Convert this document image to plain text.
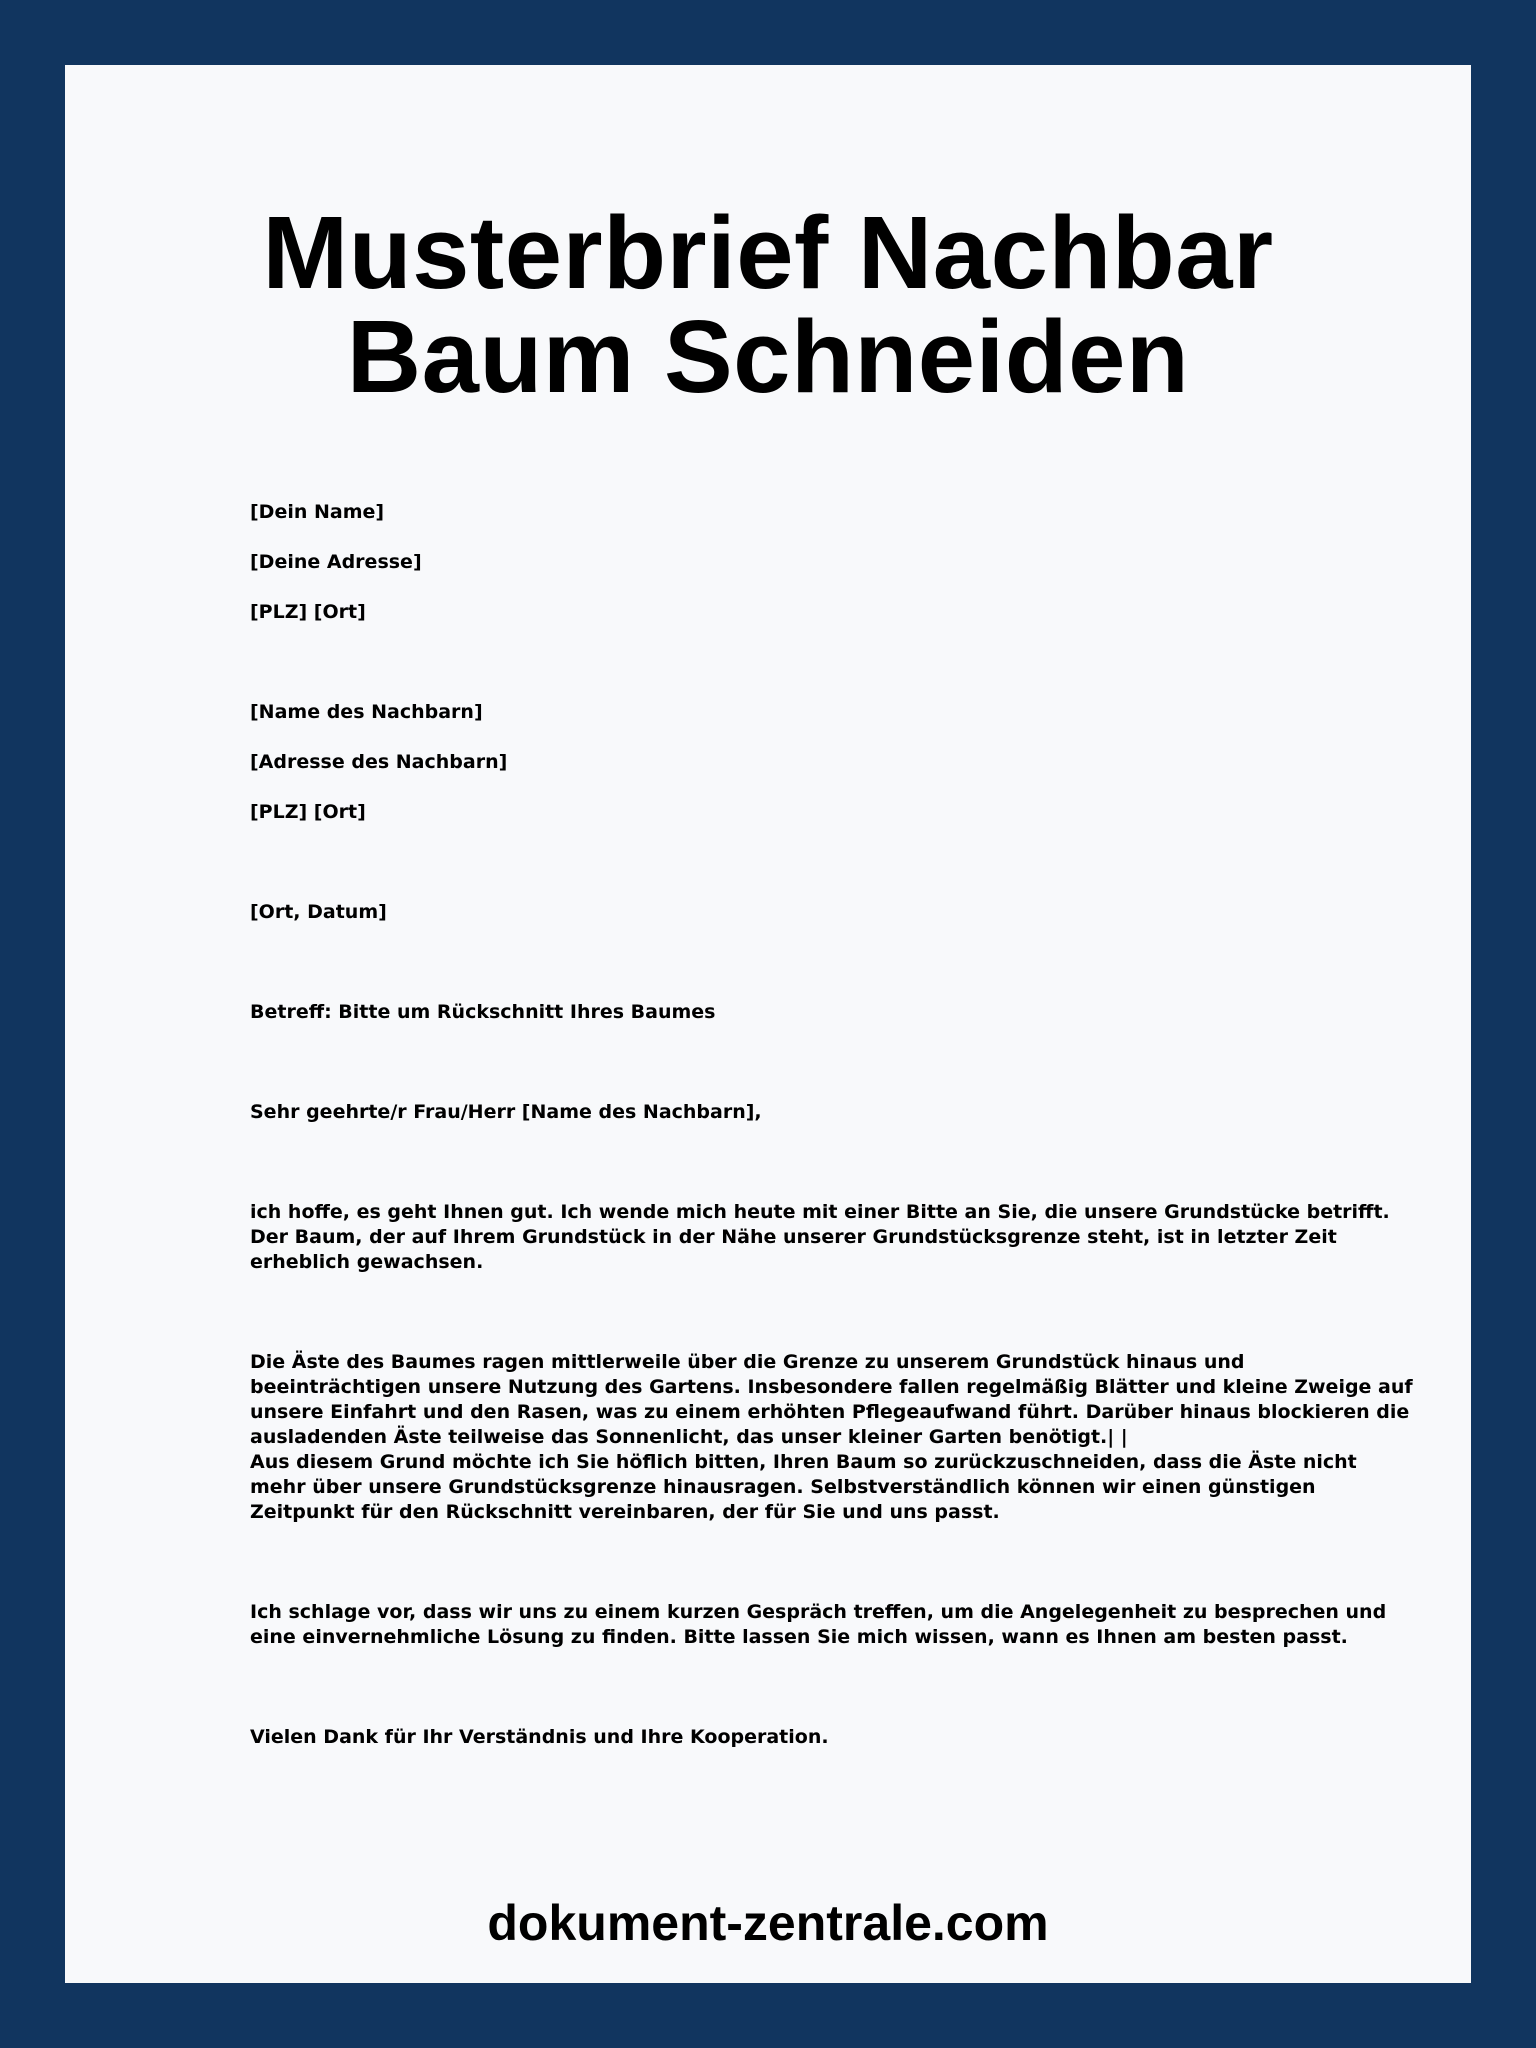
Musterbrief Nachbar Baum Schneiden

[Dein Name]

[Deine Adresse]

[PLZ] [Ort]

[Name des Nachbarn]

[Adresse des Nachbarn]

[PLZ] [Ort]

[Ort, Datum]

Betreff: Bitte um Rückschnitt Ihres Baumes

Sehr geehrte/r Frau/Herr [Name des Nachbarn],

ich hoffe, es geht Ihnen gut. Ich wende mich heute mit einer Bitte an Sie, die unsere Grundstücke betrifft.
Der Baum, der auf Ihrem Grundstück in der Nähe unserer Grundstücksgrenze steht, ist in letzter Zeit
erheblich gewachsen.

Die Äste des Baumes ragen mittlerweile über die Grenze zu unserem Grundstück hinaus und
beeinträchtigen unsere Nutzung des Gartens. Insbesondere fallen regelmäßig Blätter und kleine Zweige auf
unsere Einfahrt und den Rasen, was zu einem erhöhten Pflegeaufwand führt. Darüber hinaus blockieren die
ausladenden Äste teilweise das Sonnenlicht, das unser kleiner Garten benötigt.| |
Aus diesem Grund möchte ich Sie höflich bitten, Ihren Baum so zurückzuschneiden, dass die Äste nicht
mehr über unsere Grundstücksgrenze hinausragen. Selbstverständlich können wir einen günstigen
Zeitpunkt für den Rückschnitt vereinbaren, der für Sie und uns passt.

Ich schlage vor, dass wir uns zu einem kurzen Gespräch treffen, um die Angelegenheit zu besprechen und
eine einvernehmliche Lösung zu finden. Bitte lassen Sie mich wissen, wann es Ihnen am besten passt.

Vielen Dank für Ihr Verständnis und Ihre Kooperation.

dokument-zentrale.com
